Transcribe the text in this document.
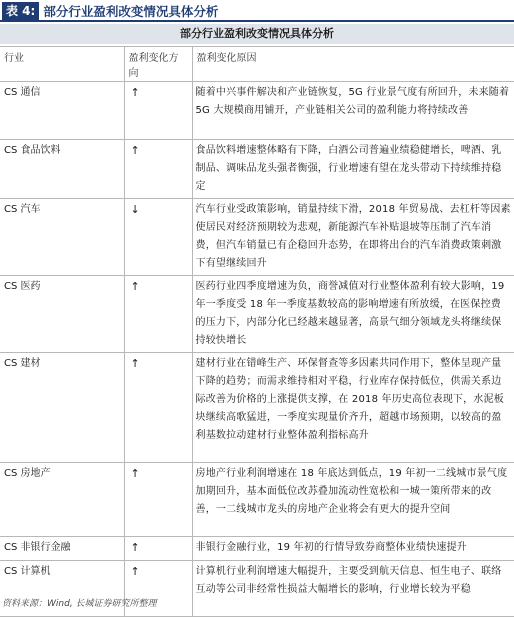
表 4: 部分行业盈利改变情况具体分析
部分行业盈利改变情况具体分析
行业	盈利变化方向	盈利变化原因
CS 通信	↑	随着中兴事件解决和产业链恢复，5G 行业景气度有所回升，未来随着 5G 大规模商用铺开，产业链相关公司的盈利能力将持续改善
CS 食品饮料	↑	食品饮料增速整体略有下降，白酒公司普遍业绩稳健增长，啤酒、乳制品、调味品龙头强者衡强，行业增速有望在龙头带动下持续维持稳定
CS 汽车	↓	汽车行业受政策影响，销量持续下滑，2018 年贸易战、去杠杆等因素使居民对经济预期较为悲观，新能源汽车补贴退坡等压制了汽车消费，但汽车销量已有企稳回升态势，在即将出台的汽车消费政策刺激下有望继续回升
CS 医药	↑	医药行业四季度增速为负，商誉减值对行业整体盈利有较大影响，19 年一季度受 18 年一季度基数较高的影响增速有所放缓，在医保控费的压力下，内部分化已经越来越显著，高景气细分领域龙头将继续保持较快增长
CS 建材	↑	建材行业在错峰生产、环保督查等多因素共同作用下，整体呈现产量下降的趋势；而需求维持相对平稳，行业库存保持低位，供需关系边际改善为价格的上涨提供支撑，在 2018 年历史高位表现下，水泥板块继续高歌猛进，一季度实现量价齐升，超越市场预期，以较高的盈利基数拉动建材行业整体盈利指标高升
CS 房地产	↑	房地产行业利润增速在 18 年底达到低点，19 年初一二线城市景气度加期回升，基本面低位改苏叠加流动性宽松和一城一策所带来的改善，一二线城市龙头的房地产企业将会有更大的提升空间
CS 非银行金融	↑	非银行金融行业，19 年初的行情导致券商整体业绩快速提升
CS 计算机	↑	计算机行业利润增速大幅提升，主要受到航天信息、恒生电子、联络互动等公司非经常性损益大幅增长的影响，行业增长较为平稳
资料来源：Wind, 长城证券研究所整理
